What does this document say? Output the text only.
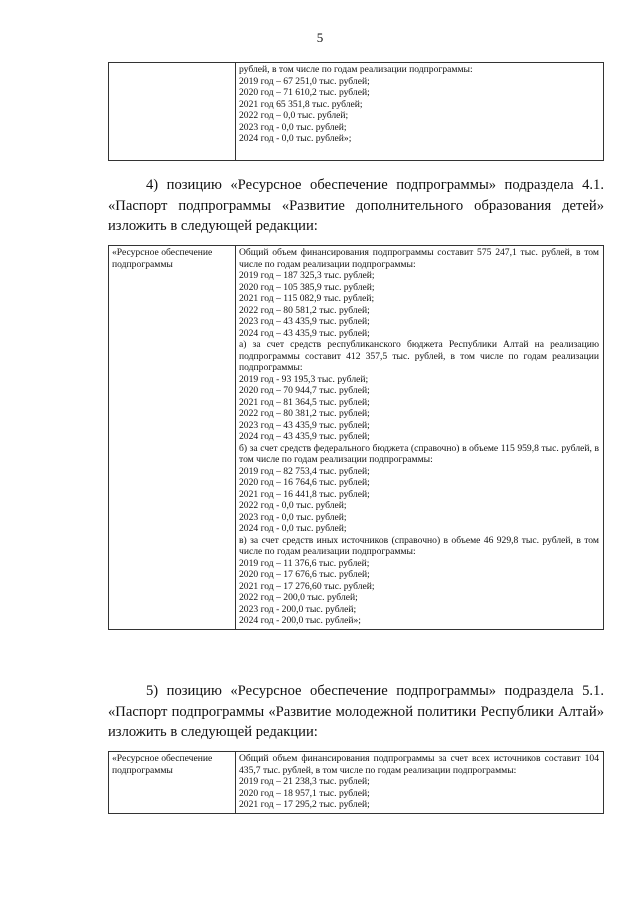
5

рублей, в том числе по годам реализации подпрограммы:
2019 год – 67 251,0 тыс. рублей;
2020 год – 71 610,2 тыс. рублей;
2021 год 65 351,8 тыс. рублей;
2022 год – 0,0 тыс. рублей;
2023 год - 0,0 тыс. рублей;
2024 год - 0,0 тыс. рублей»;
4) позицию «Ресурсное обеспечение подпрограммы» подраздела 4.1. «Паспорт подпрограммы «Развитие дополнительного образования детей» изложить в следующей редакции:
«Ресурсное обеспечение подпрограммы	
Общий объем финансирования подпрограммы составит 575 247,1 тыс. рублей, в том числе по годам реализации подпрограммы:
2019 год – 187 325,3 тыс. рублей;
2020 год – 105 385,9 тыс. рублей;
2021 год – 115 082,9 тыс. рублей;
2022 год – 80 581,2 тыс. рублей;
2023 год – 43 435,9 тыс. рублей;
2024 год – 43 435,9 тыс. рублей;
а) за счет средств республиканского бюджета Республики Алтай на реализацию подпрограммы составит 412 357,5 тыс. рублей, в том числе по годам реализации подпрограммы:
2019 год - 93 195,3 тыс. рублей;
2020 год – 70 944,7 тыс. рублей;
2021 год – 81 364,5 тыс. рублей;
2022 год – 80 381,2 тыс. рублей;
2023 год – 43 435,9 тыс. рублей;
2024 год – 43 435,9 тыс. рублей;
б) за счет средств федерального бюджета (справочно) в объеме 115 959,8 тыс. рублей, в том числе по годам реализации подпрограммы:
2019 год – 82 753,4 тыс. рублей;
2020 год – 16 764,6 тыс. рублей;
2021 год – 16 441,8 тыс. рублей;
2022 год - 0,0 тыс. рублей;
2023 год - 0,0 тыс. рублей;
2024 год - 0,0 тыс. рублей;
в) за счет средств иных источников (справочно) в объеме 46 929,8 тыс. рублей, в том числе по годам реализации подпрограммы:
2019 год – 11 376,6 тыс. рублей;
2020 год – 17 676,6 тыс. рублей;
2021 год – 17 276,60 тыс. рублей;
2022 год – 200,0 тыс. рублей;
2023 год - 200,0 тыс. рублей;
2024 год - 200,0 тыс. рублей»;
5) позицию «Ресурсное обеспечение подпрограммы» подраздела 5.1. «Паспорт подпрограммы «Развитие молодежной политики Республики Алтай» изложить в следующей редакции:
«Ресурсное обеспечение подпрограммы	
Общий объем финансирования подпрограммы за счет всех источников составит 104 435,7 тыс. рублей, в том числе по годам реализации подпрограммы:
2019 год – 21 238,3 тыс. рублей;
2020 год – 18 957,1 тыс. рублей;
2021 год – 17 295,2 тыс. рублей;
